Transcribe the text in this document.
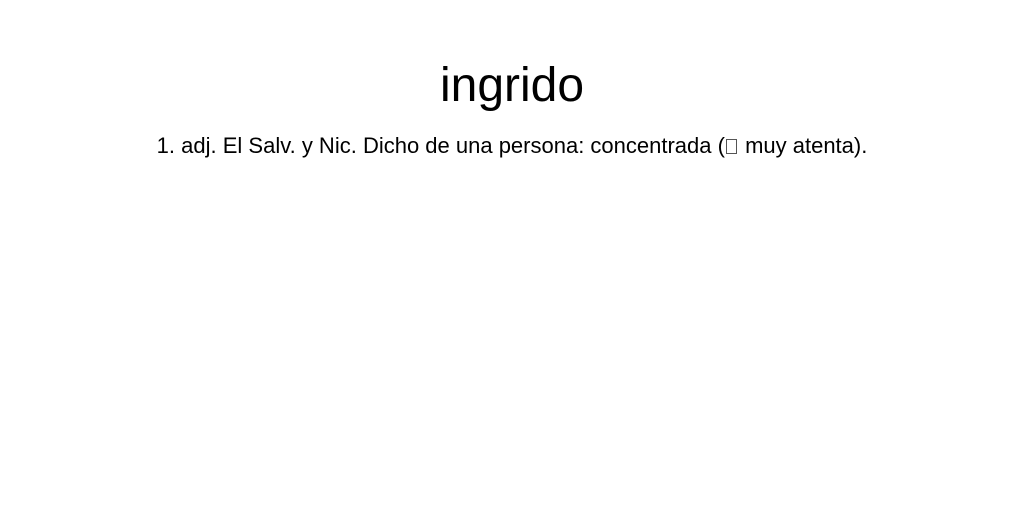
ingrido

1. adj. El Salv. y Nic. Dicho de una persona: concentrada ( muy atenta).
